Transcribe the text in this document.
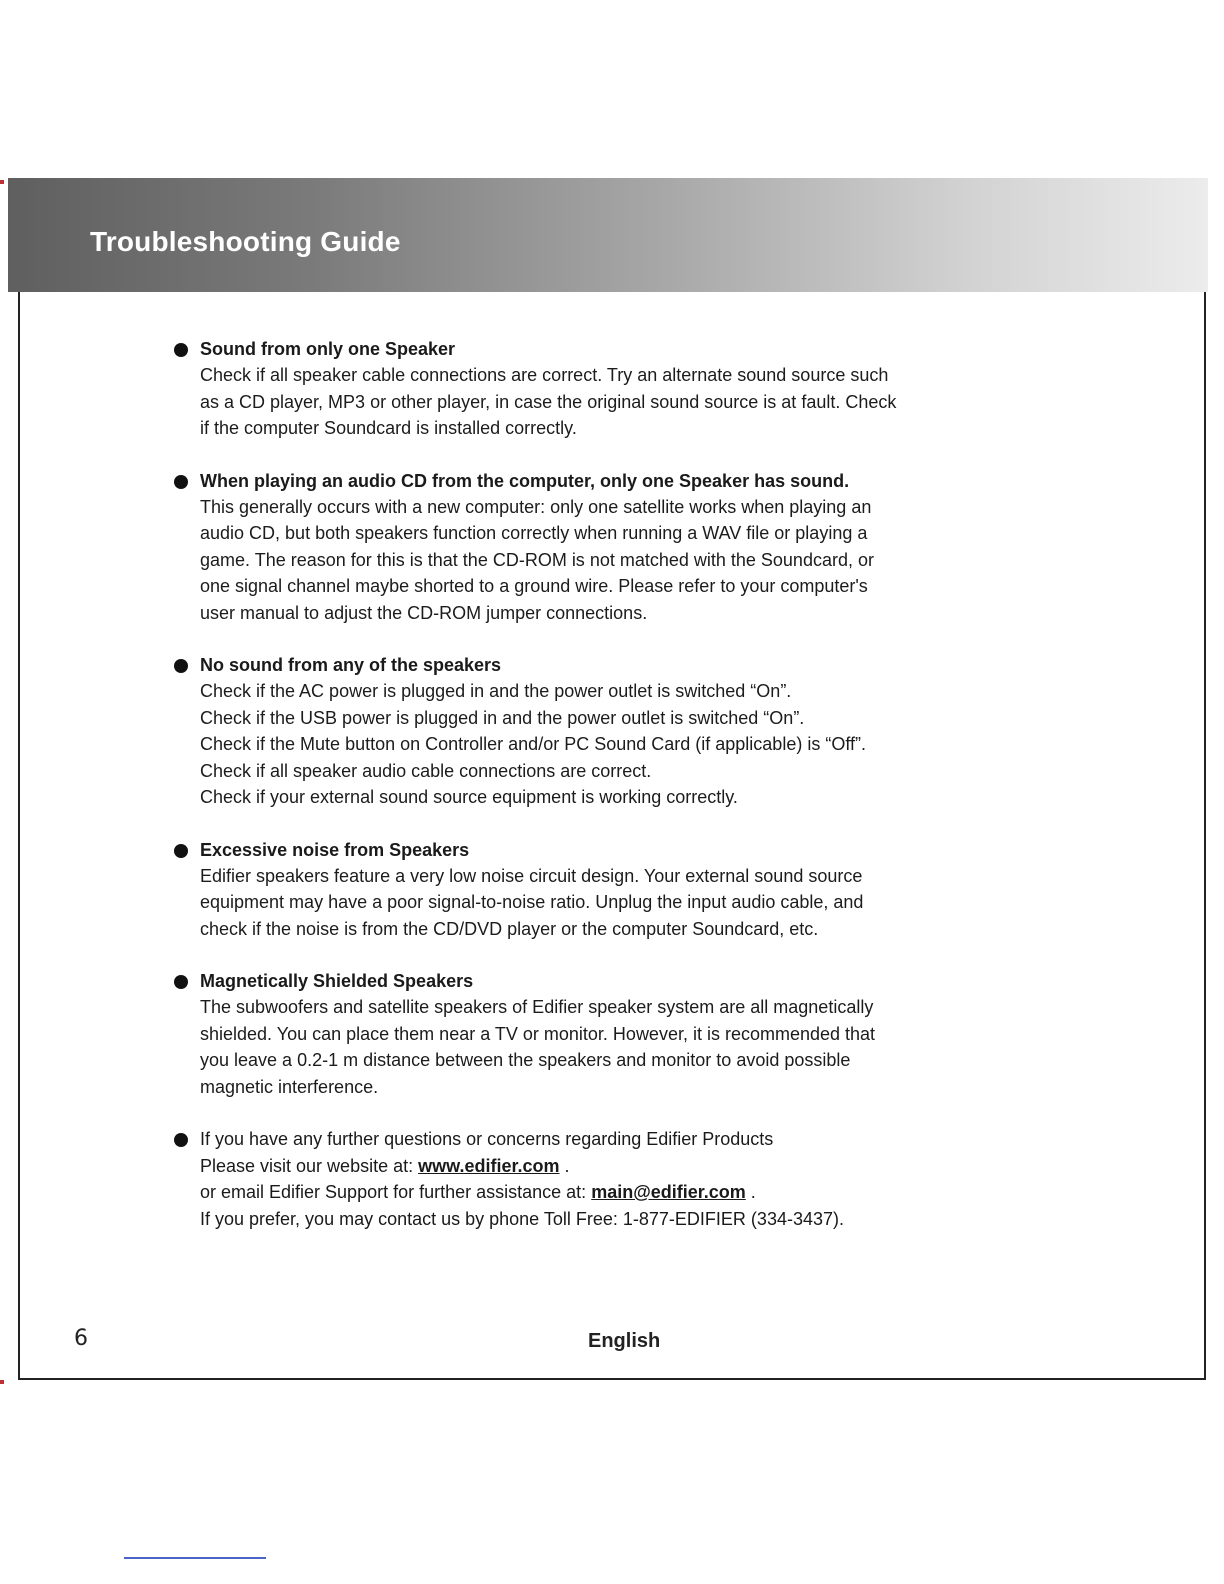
Troubleshooting Guide
Sound from only one Speaker
Check if all speaker cable connections are correct. Try an alternate sound source such
as a CD player, MP3 or other player, in case the original sound source is at fault. Check
if the computer Soundcard is installed correctly.
When playing an audio CD from the computer, only one Speaker has sound.
This generally occurs with a new computer: only one satellite works when playing an
audio CD, but both speakers function correctly when running a WAV file or playing a
game. The reason for this is that the CD-ROM is not matched with the Soundcard, or
one signal channel maybe shorted to a ground wire. Please refer to your computer's
user manual to adjust the CD-ROM jumper connections.
No sound from any of the speakers
Check if the AC power is plugged in and the power outlet is switched “On”.
Check if the USB power is plugged in and the power outlet is switched “On”.
Check if the Mute button on Controller and/or PC Sound Card (if applicable) is “Off”.
Check if all speaker audio cable connections are correct.
Check if your external sound source equipment is working correctly.
Excessive noise from Speakers
Edifier speakers feature a very low noise circuit design. Your external sound source
equipment may have a poor signal-to-noise ratio. Unplug the input audio cable, and
check if the noise is from the CD/DVD player or the computer Soundcard, etc.
Magnetically Shielded Speakers
The subwoofers and satellite speakers of Edifier speaker system are all magnetically
shielded. You can place them near a TV or monitor. However, it is recommended that
you leave a 0.2-1 m distance between the speakers and monitor to avoid possible
magnetic interference.
If you have any further questions or concerns regarding Edifier Products
Please visit our website at: www.edifier.com .
or email Edifier Support for further assistance at: main@edifier.com .
If you prefer, you may contact us by phone Toll Free: 1-877-EDIFIER (334-3437).
6	English
